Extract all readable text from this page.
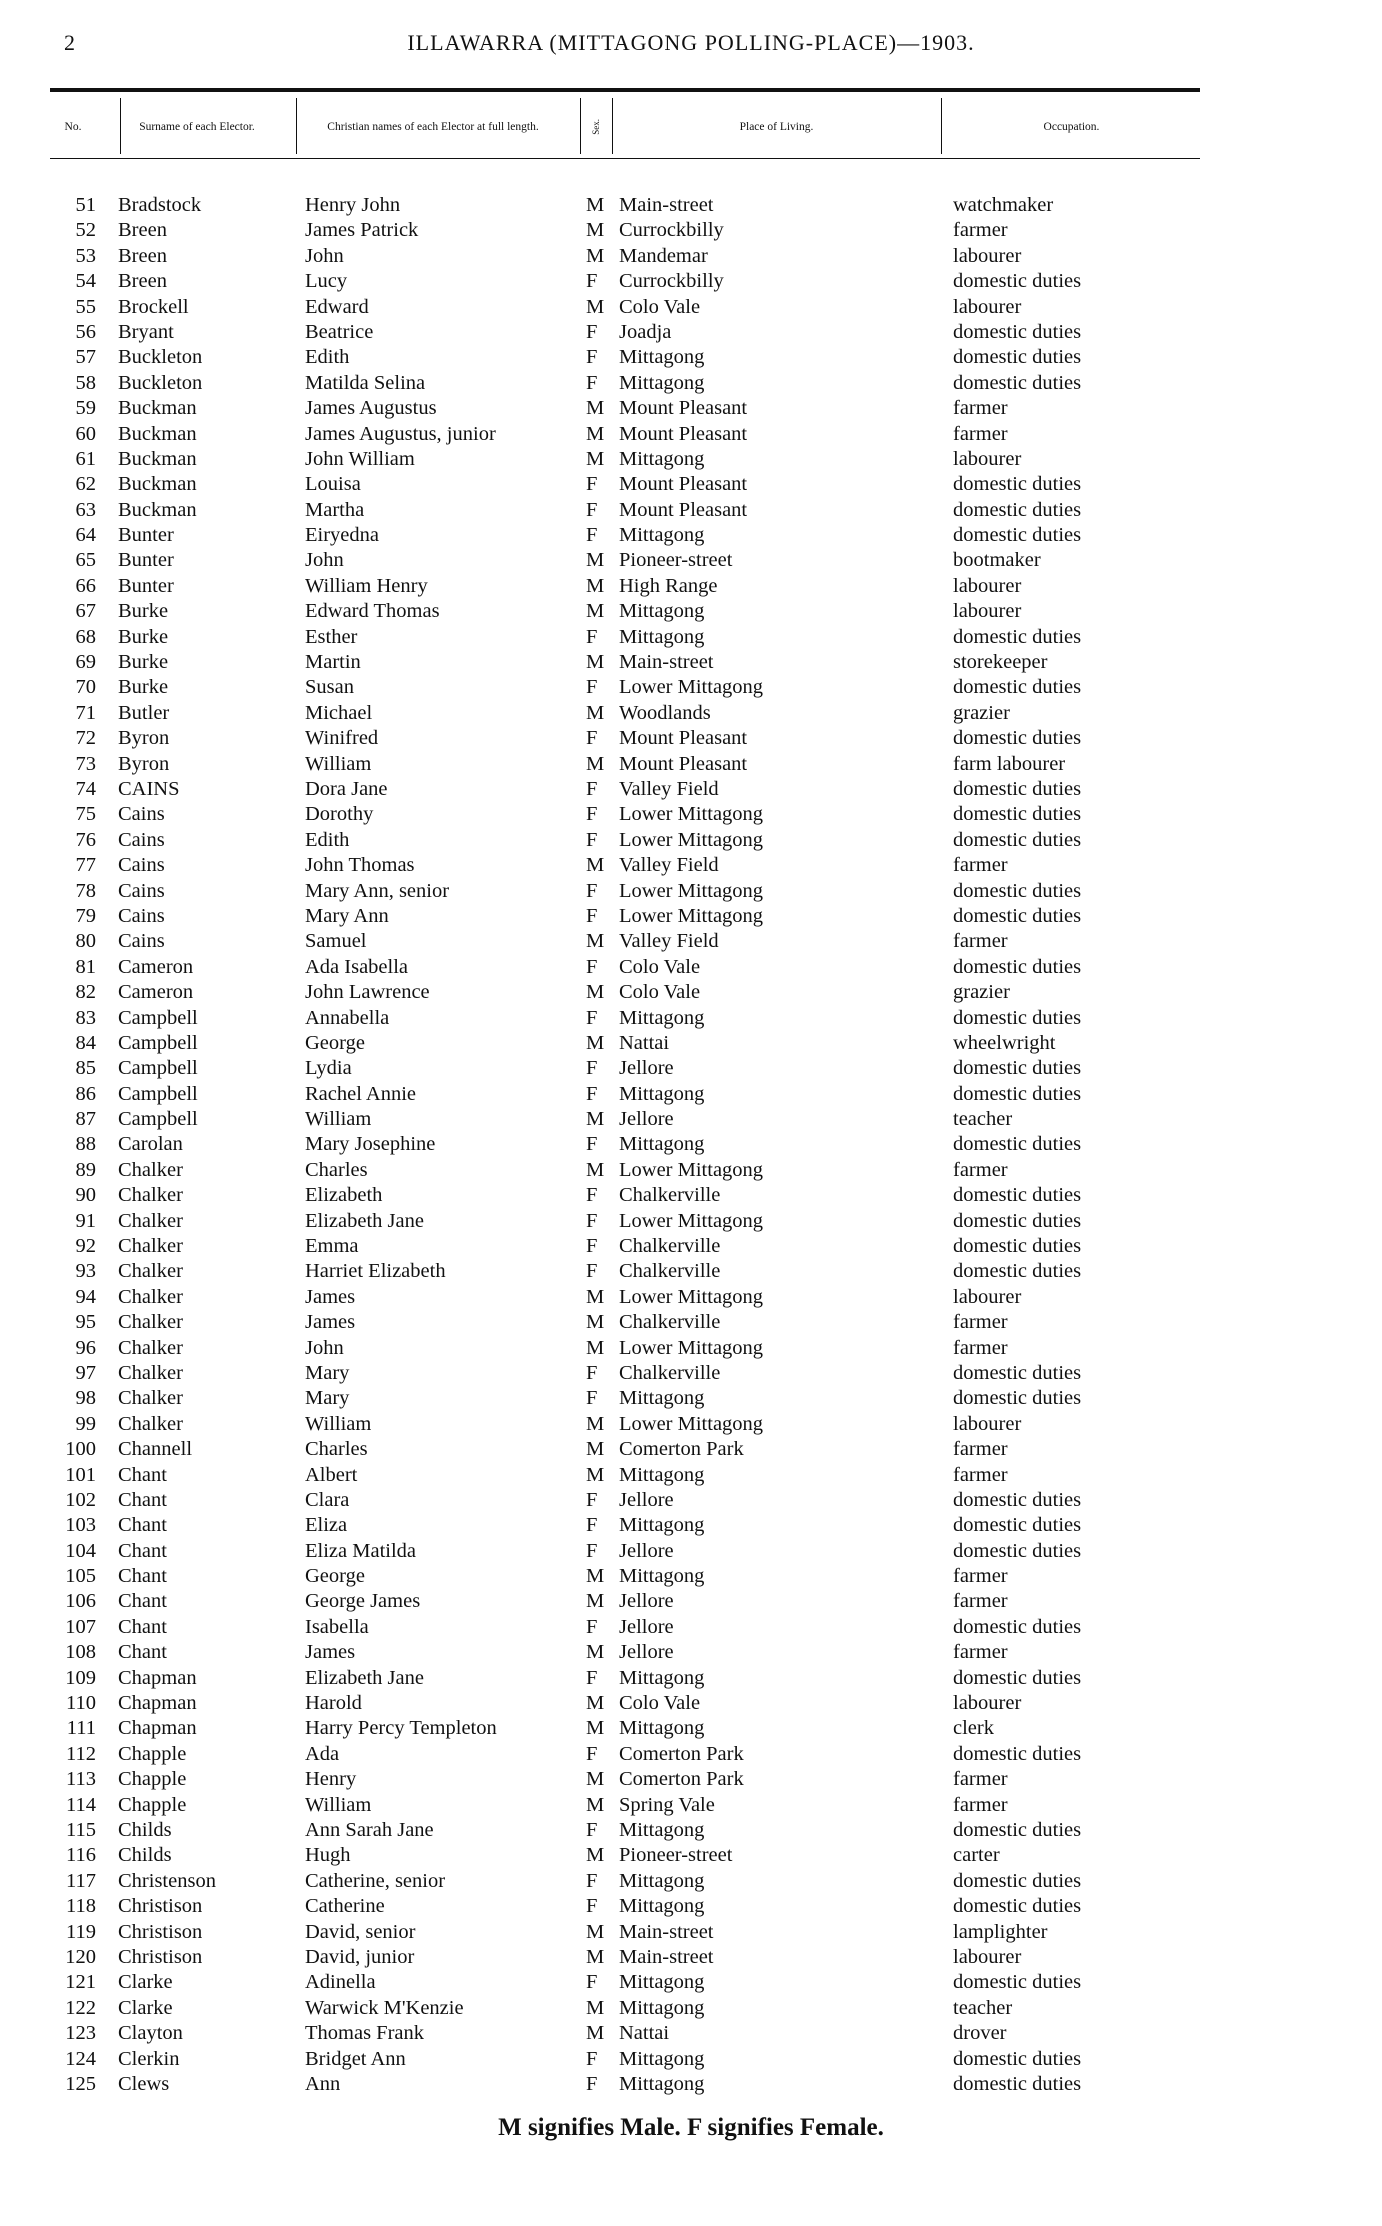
2	ILLAWARRA (MITTAGONG POLLING-PLACE)—1903.
No.	Surname of each Elector.	Christian names of each Elector at full length.	Sex.	Place of Living.	Occupation.
51 Bradstock	Henry John	M Main-street	watchmaker
52 Breen	James Patrick	M Currockbilly	farmer
53 Breen	John	M Mandemar	labourer
54 Breen	Lucy	F Currockbilly	domestic duties
55 Brockell	Edward	M Colo Vale	labourer
56 Bryant	Beatrice	F Joadja	domestic duties
57 Buckleton	Edith	F Mittagong	domestic duties
58 Buckleton	Matilda Selina	F Mittagong	domestic duties
59 Buckman	James Augustus	M Mount Pleasant	farmer
60 Buckman	James Augustus, junior	M Mount Pleasant	farmer
61 Buckman	John William	M Mittagong	labourer
62 Buckman	Louisa	F Mount Pleasant	domestic duties
63 Buckman	Martha	F Mount Pleasant	domestic duties
64 Bunter	Eiryedna	F Mittagong	domestic duties
65 Bunter	John	M Pioneer-street	bootmaker
66 Bunter	William Henry	M High Range	labourer
67 Burke	Edward Thomas	M Mittagong	labourer
68 Burke	Esther	F Mittagong	domestic duties
69 Burke	Martin	M Main-street	storekeeper
70 Burke	Susan	F Lower Mittagong	domestic duties
71 Butler	Michael	M Woodlands	grazier
72 Byron	Winifred	F Mount Pleasant	domestic duties
73 Byron	William	M Mount Pleasant	farm labourer
74 CAINS	Dora Jane	F Valley Field	domestic duties
75 Cains	Dorothy	F Lower Mittagong	domestic duties
76 Cains	Edith	F Lower Mittagong	domestic duties
77 Cains	John Thomas	M Valley Field	farmer
78 Cains	Mary Ann, senior	F Lower Mittagong	domestic duties
79 Cains	Mary Ann	F Lower Mittagong	domestic duties
80 Cains	Samuel	M Valley Field	farmer
81 Cameron	Ada Isabella	F Colo Vale	domestic duties
82 Cameron	John Lawrence	M Colo Vale	grazier
83 Campbell	Annabella	F Mittagong	domestic duties
84 Campbell	George	M Nattai	wheelwright
85 Campbell	Lydia	F Jellore	domestic duties
86 Campbell	Rachel Annie	F Mittagong	domestic duties
87 Campbell	William	M Jellore	teacher
88 Carolan	Mary Josephine	F Mittagong	domestic duties
89 Chalker	Charles	M Lower Mittagong	farmer
90 Chalker	Elizabeth	F Chalkerville	domestic duties
91 Chalker	Elizabeth Jane	F Lower Mittagong	domestic duties
92 Chalker	Emma	F Chalkerville	domestic duties
93 Chalker	Harriet Elizabeth	F Chalkerville	domestic duties
94 Chalker	James	M Lower Mittagong	labourer
95 Chalker	James	M Chalkerville	farmer
96 Chalker	John	M Lower Mittagong	farmer
97 Chalker	Mary	F Chalkerville	domestic duties
98 Chalker	Mary	F Mittagong	domestic duties
99 Chalker	William	M Lower Mittagong	labourer
100 Channell	Charles	M Comerton Park	farmer
101 Chant	Albert	M Mittagong	farmer
102 Chant	Clara	F Jellore	domestic duties
103 Chant	Eliza	F Mittagong	domestic duties
104 Chant	Eliza Matilda	F Jellore	domestic duties
105 Chant	George	M Mittagong	farmer
106 Chant	George James	M Jellore	farmer
107 Chant	Isabella	F Jellore	domestic duties
108 Chant	James	M Jellore	farmer
109 Chapman	Elizabeth Jane	F Mittagong	domestic duties
110 Chapman	Harold	M Colo Vale	labourer
111 Chapman	Harry Percy Templeton	M Mittagong	clerk
112 Chapple	Ada	F Comerton Park	domestic duties
113 Chapple	Henry	M Comerton Park	farmer
114 Chapple	William	M Spring Vale	farmer
115 Childs	Ann Sarah Jane	F Mittagong	domestic duties
116 Childs	Hugh	M Pioneer-street	carter
117 Christenson	Catherine, senior	F Mittagong	domestic duties
118 Christison	Catherine	F Mittagong	domestic duties
119 Christison	David, senior	M Main-street	lamplighter
120 Christison	David, junior	M Main-street	labourer
121 Clarke	Adinella	F Mittagong	domestic duties
122 Clarke	Warwick M'Kenzie	M Mittagong	teacher
123 Clayton	Thomas Frank	M Nattai	drover
124 Clerkin	Bridget Ann	F Mittagong	domestic duties
125 Clews	Ann	F Mittagong	domestic duties
M signifies Male. F signifies Female.
